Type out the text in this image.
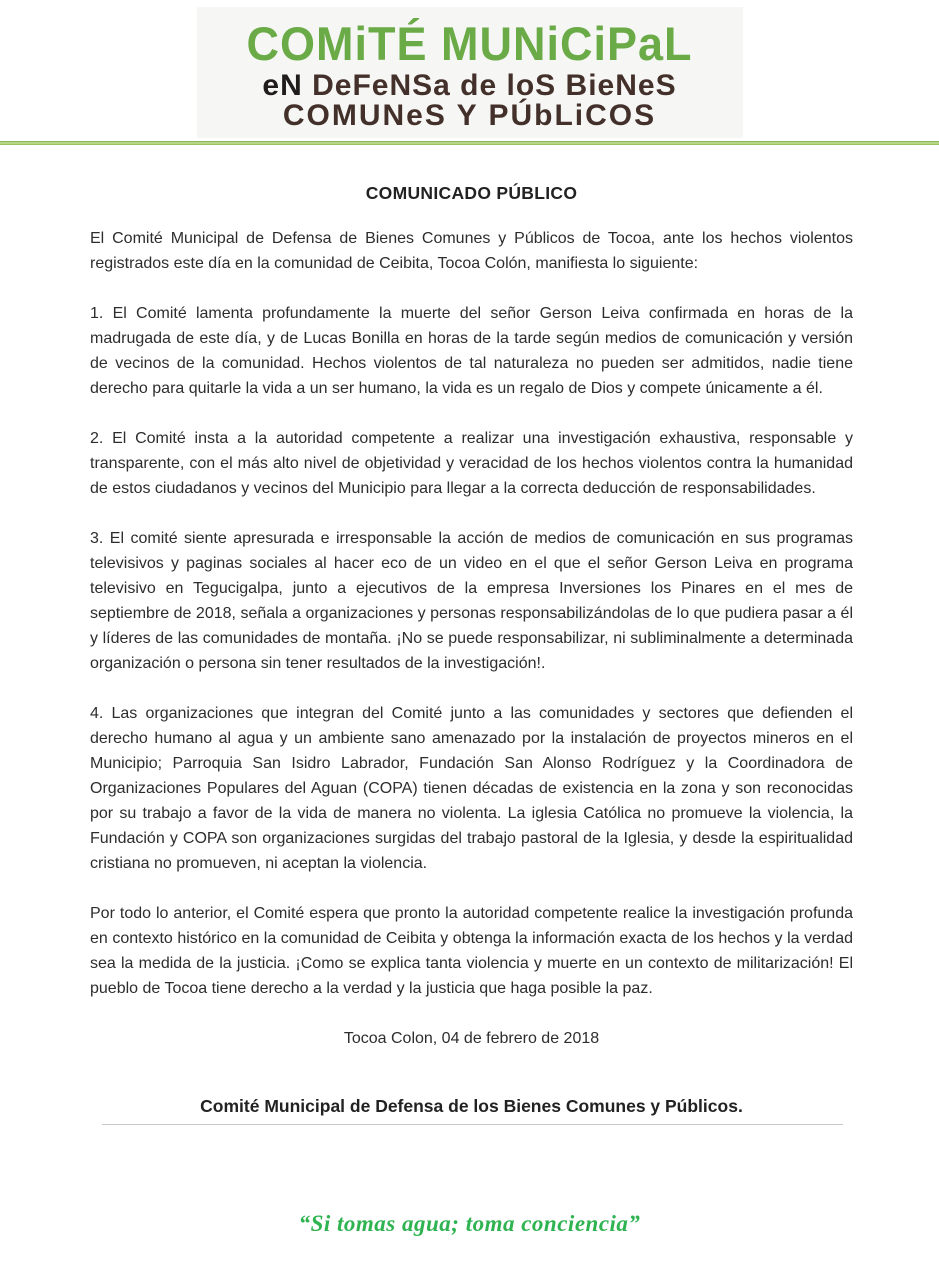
COMiTÉ MUNiCiPaL
eN DeFeNSa de loS BieNeS
COMUNeS Y PÚbLiCOS
COMUNICADO PÚBLICO

El Comité Municipal de Defensa de Bienes Comunes y Públicos de Tocoa, ante los hechos violentos registrados este día en la comunidad de Ceibita, Tocoa Colón, manifiesta lo siguiente:

1. El Comité lamenta profundamente la muerte del señor Gerson Leiva confirmada en horas de la madrugada de este día, y de Lucas Bonilla en horas de la tarde según medios de comunicación y versión de vecinos de la comunidad. Hechos violentos de tal naturaleza no pueden ser admitidos, nadie tiene derecho para quitarle la vida a un ser humano, la vida es un regalo de Dios y compete únicamente a él.

2. El Comité insta a la autoridad competente a realizar una investigación exhaustiva, responsable y transparente, con el más alto nivel de objetividad y veracidad de los hechos violentos contra la humanidad de estos ciudadanos y vecinos del Municipio para llegar a la correcta deducción de responsabilidades.

3. El comité siente apresurada e irresponsable la acción de medios de comunicación en sus programas televisivos y paginas sociales al hacer eco de un video en el que el señor Gerson Leiva en programa televisivo en Tegucigalpa, junto a ejecutivos de la empresa Inversiones los Pinares en el mes de septiembre de 2018, señala a organizaciones y personas responsabilizándolas de lo que pudiera pasar a él y líderes de las comunidades de montaña. ¡No se puede responsabilizar, ni subliminalmente a determinada organización o persona sin tener resultados de la investigación!.

4. Las organizaciones que integran del Comité junto a las comunidades y sectores que defienden el derecho humano al agua y un ambiente sano amenazado por la instalación de proyectos mineros en el Municipio; Parroquia San Isidro Labrador, Fundación San Alonso Rodríguez y la Coordinadora de Organizaciones Populares del Aguan (COPA) tienen décadas de existencia en la zona y son reconocidas por su trabajo a favor de la vida de manera no violenta. La iglesia Católica no promueve la violencia, la Fundación y COPA son organizaciones surgidas del trabajo pastoral de la Iglesia, y desde la espiritualidad cristiana no promueven, ni aceptan la violencia.

Por todo lo anterior, el Comité espera que pronto la autoridad competente realice la investigación profunda en contexto histórico en la comunidad de Ceibita y obtenga la información exacta de los hechos y la verdad sea la medida de la justicia. ¡Como se explica tanta violencia y muerte en un contexto de militarización! El pueblo de Tocoa tiene derecho a la verdad y la justicia que haga posible la paz.

Tocoa Colon, 04 de febrero de 2018
Comité Municipal de Defensa de los Bienes Comunes y Públicos.
“Si tomas agua; toma conciencia”
